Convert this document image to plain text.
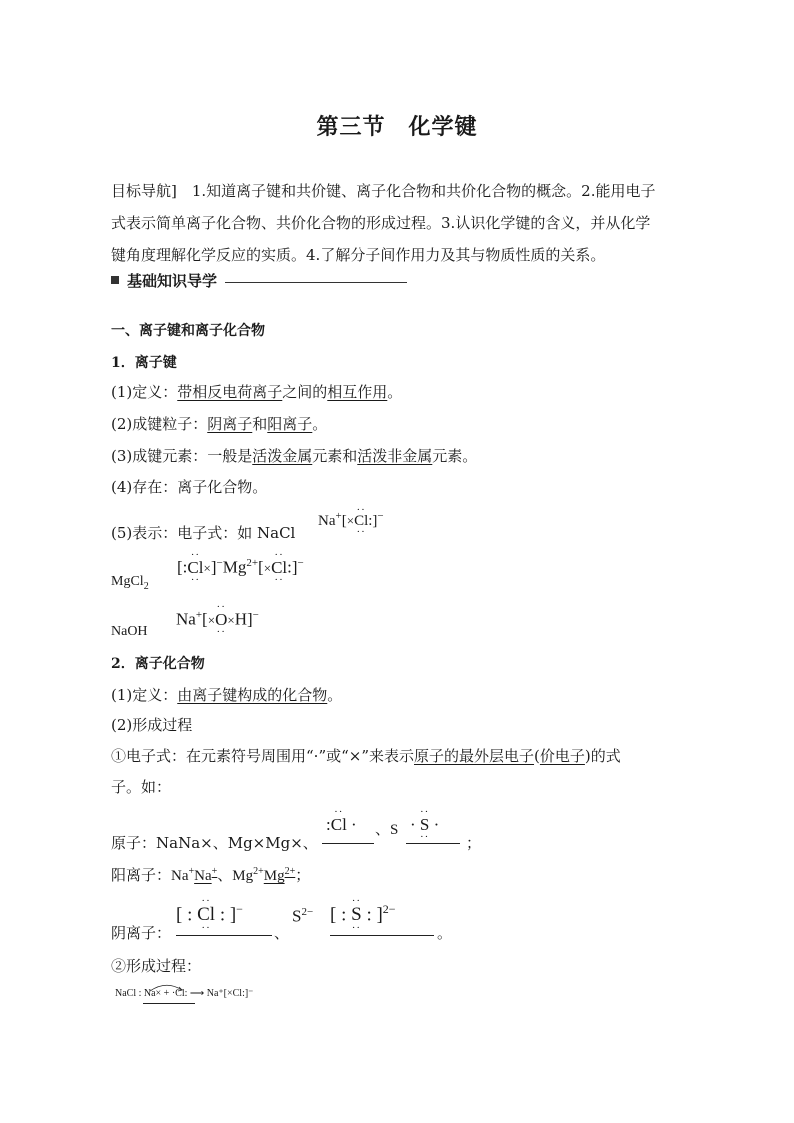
第三节　化学键

目标导航]　1.知道离子键和共价键、离子化合物和共价化合物的概念。2.能用电子

式表示简单离子化合物、共价化合物的形成过程。3.认识化学键的含义，并从化学

键角度理解化学反应的实质。4.了解分子间作用力及其与物质性质的关系。

基础知识导学
一、离子键和离子化合物
1．离子键
(1)定义：带相反电荷离子之间的相互作用。
(2)成键粒子：阴离子和阳离子。
(3)成键元素：一般是活泼金属元素和活泼非金属元素。
(4)存在：离子化合物。
(5)表示：电子式：如 NaCl
Na+[×
··
Cl
··
:]−
MgCl$_2$
[:
··
Cl
··
$\times]^-Mg^{2+}[\times$
··
Cl
··
:]−
NaOH
Na+[×
··
O
··
×H]−
2．离子化合物
(1)定义：由离子键构成的化合物。
(2)形成过程
①电子式：在元素符号周围用“·”或“×”来表示原子的最外层电子(价电子)的式
子。如：
原子：NaNa×、Mg×Mg×、
:
··
Cl
· 、S ·
··
S
··
·
；
阳离子：Na+Na+、$Mg^{2+}Mg^{2+}$；
阴离子：
[ :
··
Cl
··
: ]−
、
$S^{2-}$ [ :
··
S
··
: ]$^{2-}$
。
②形成过程：
NaCl : Na× + ·Cl: ⟶ Na⁺[×Cl:]⁻
